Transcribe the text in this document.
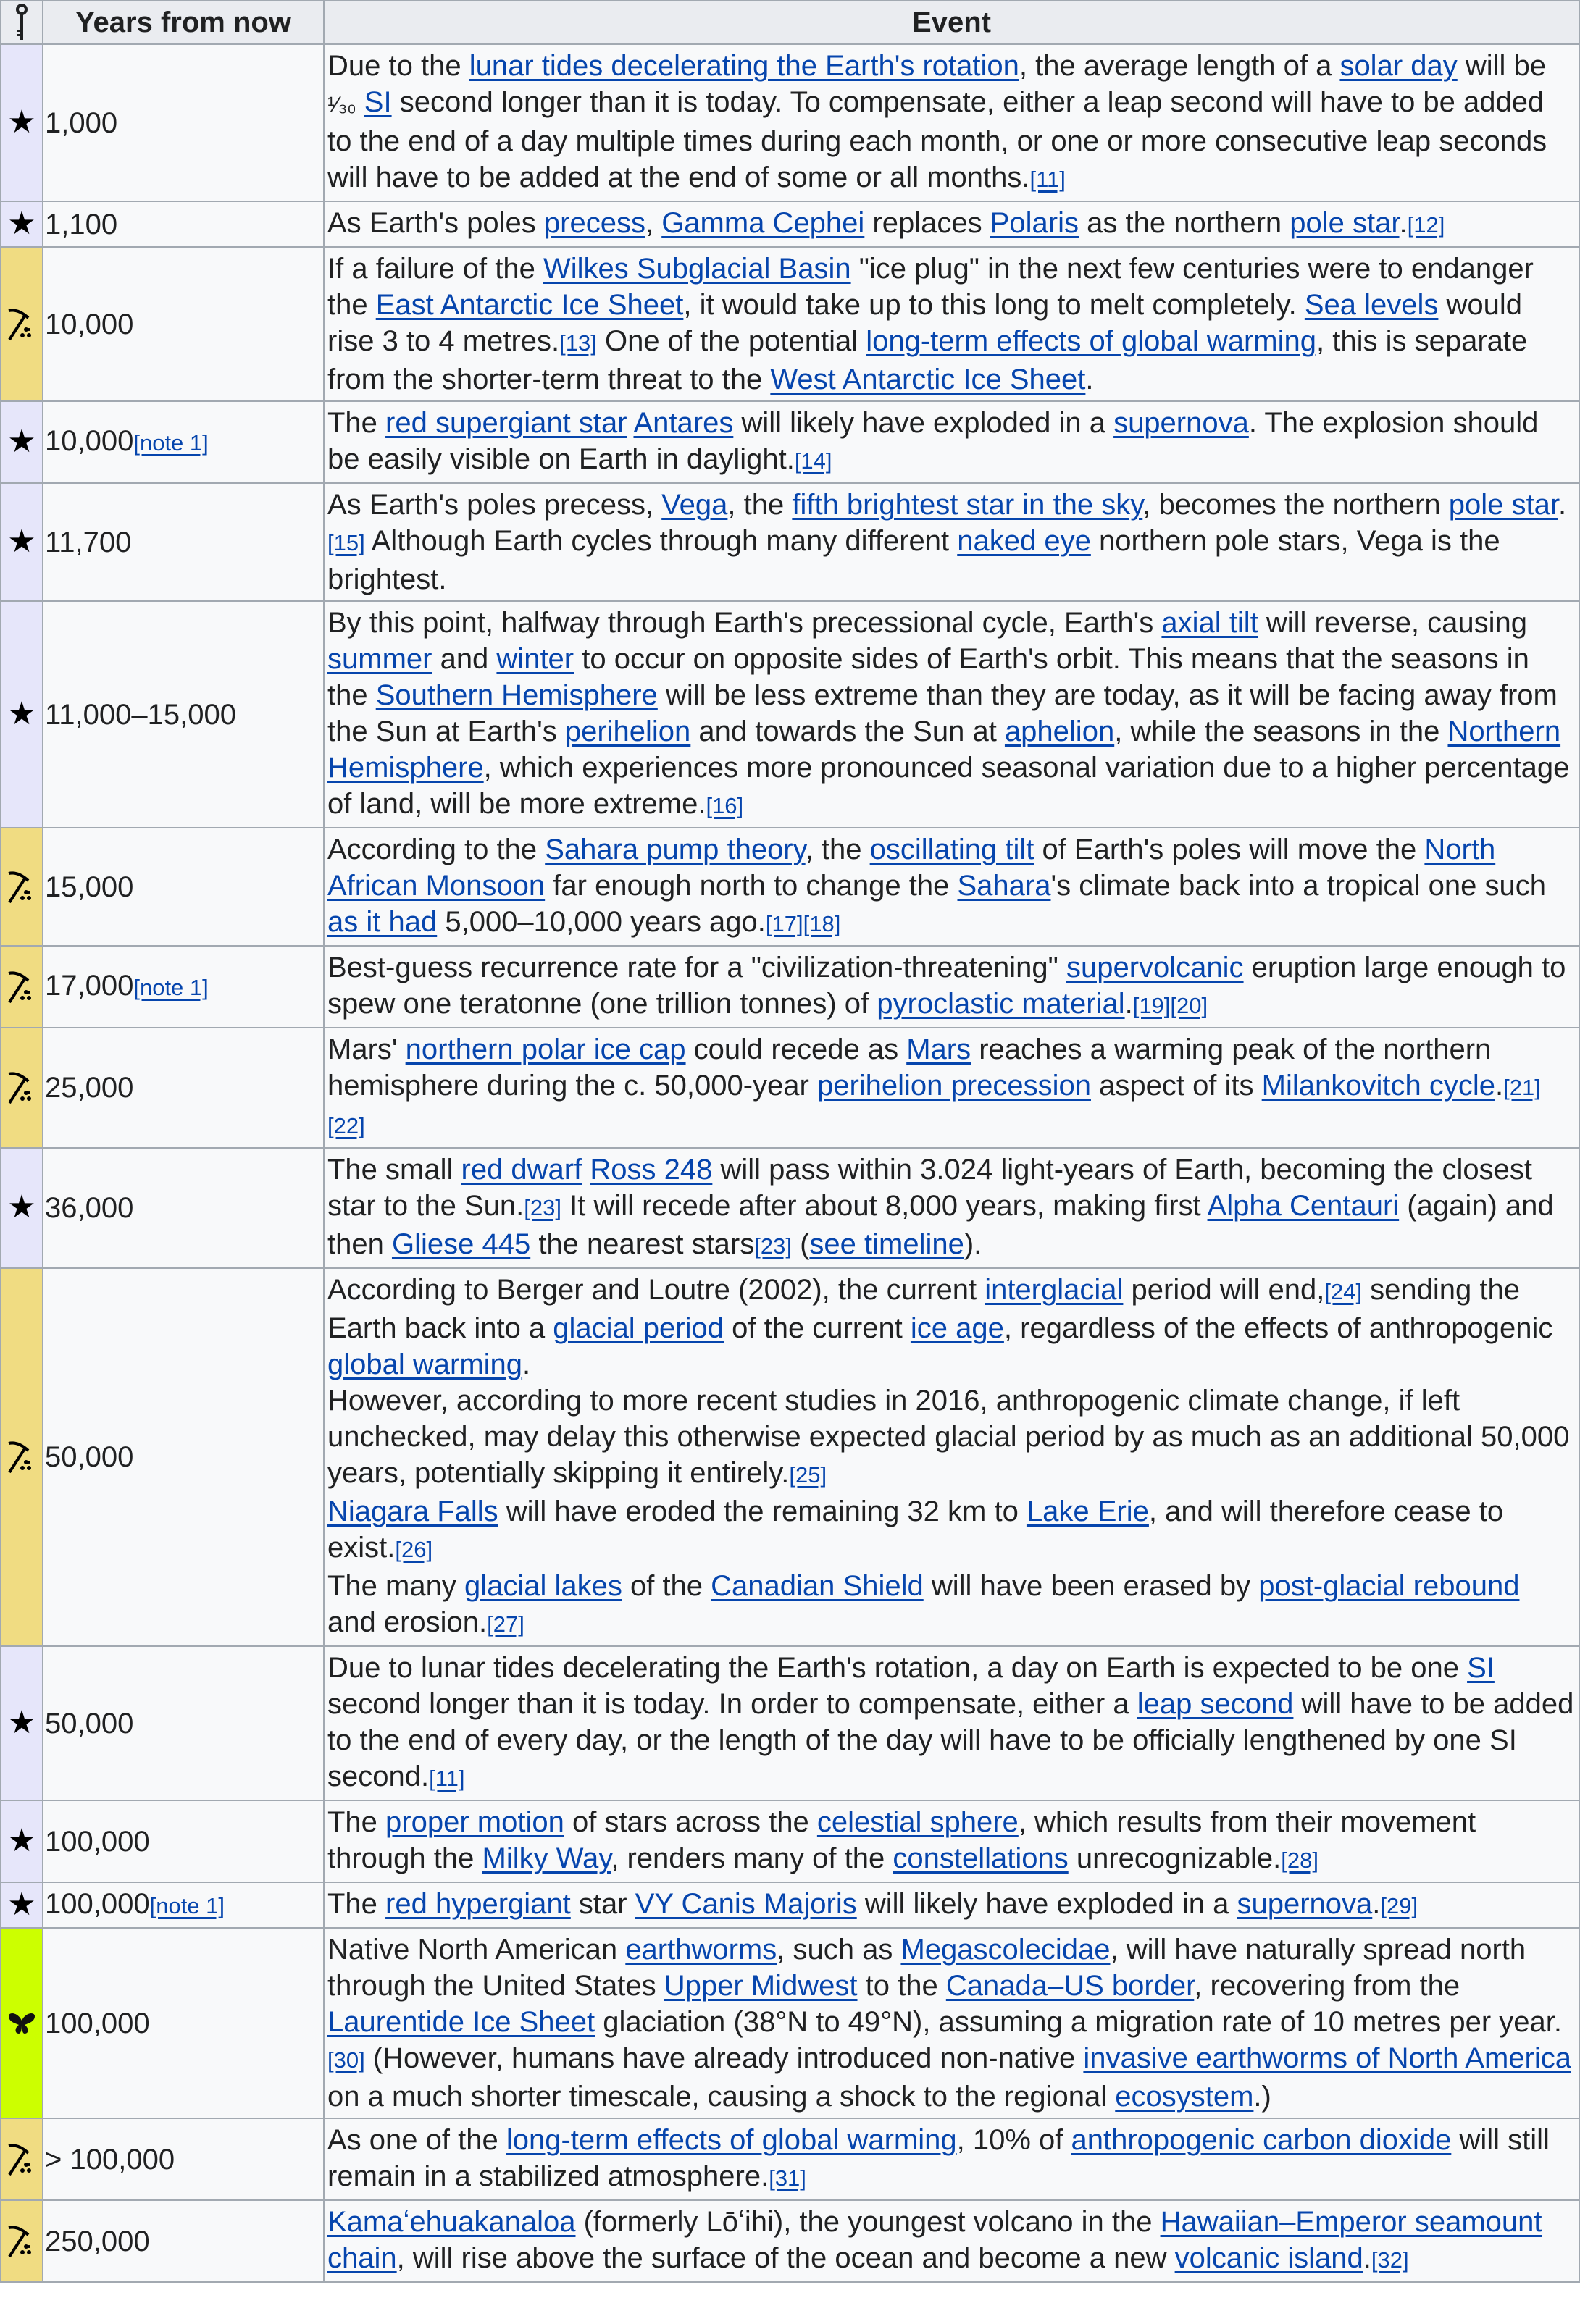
	Years from now	Event
★	1,000	Due to the lunar tides decelerating the Earth's rotation, the average length of a solar day will be ¹⁄₃₀ SI second longer than it is today. To compensate, either a leap second will have to be added to the end of a day multiple times during each month, or one or more consecutive leap seconds will have to be added at the end of some or all months.[11]

★	1,100	As Earth's poles precess, Gamma Cephei replaces Polaris as the northern pole star.[12]

	10,000	If a failure of the Wilkes Subglacial Basin "ice plug" in the next few centuries were to endanger the East Antarctic Ice Sheet, it would take up to this long to melt completely. Sea levels would rise 3 to 4 metres.[13] One of the potential long-term effects of global warming, this is separate from the shorter-term threat to the West Antarctic Ice Sheet.

★	10,000[note 1]	The red supergiant star Antares will likely have exploded in a supernova. The explosion should be easily visible on Earth in daylight.[14]

★	11,700	As Earth's poles precess, Vega, the fifth brightest star in the sky, becomes the northern pole star.[15] Although Earth cycles through many different naked eye northern pole stars, Vega is the brightest.

★	11,000–15,000	By this point, halfway through Earth's precessional cycle, Earth's axial tilt will reverse, causing summer and winter to occur on opposite sides of Earth's orbit. This means that the seasons in the Southern Hemisphere will be less extreme than they are today, as it will be facing away from the Sun at Earth's perihelion and towards the Sun at aphelion, while the seasons in the Northern Hemisphere, which experiences more pronounced seasonal variation due to a higher percentage of land, will be more extreme.[16]

	15,000	According to the Sahara pump theory, the oscillating tilt of Earth's poles will move the North African Monsoon far enough north to change the Sahara's climate back into a tropical one such as it had 5,000–10,000 years ago.[17][18]

	17,000[note 1]	Best-guess recurrence rate for a "civilization-threatening" supervolcanic eruption large enough to spew one teratonne (one trillion tonnes) of pyroclastic material.[19][20]

	25,000	Mars' northern polar ice cap could recede as Mars reaches a warming peak of the northern hemisphere during the c. 50,000-year perihelion precession aspect of its Milankovitch cycle.[21][22]

★	36,000	The small red dwarf Ross 248 will pass within 3.024 light-years of Earth, becoming the closest star to the Sun.[23] It will recede after about 8,000 years, making first Alpha Centauri (again) and then Gliese 445 the nearest stars[23] (see timeline).

	50,000	According to Berger and Loutre (2002), the current interglacial period will end,[24] sending the Earth back into a glacial period of the current ice age, regardless of the effects of anthropogenic global warming.

However, according to more recent studies in 2016, anthropogenic climate change, if left unchecked, may delay this otherwise expected glacial period by as much as an additional 50,000 years, potentially skipping it entirely.[25]

Niagara Falls will have eroded the remaining 32 km to Lake Erie, and will therefore cease to exist.[26]

The many glacial lakes of the Canadian Shield will have been erased by post-glacial rebound and erosion.[27]

★	50,000	Due to lunar tides decelerating the Earth's rotation, a day on Earth is expected to be one SI second longer than it is today. In order to compensate, either a leap second will have to be added to the end of every day, or the length of the day will have to be officially lengthened by one SI second.[11]

★	100,000	The proper motion of stars across the celestial sphere, which results from their movement through the Milky Way, renders many of the constellations unrecognizable.[28]

★	100,000[note 1]	The red hypergiant star VY Canis Majoris will likely have exploded in a supernova.[29]

	100,000	Native North American earthworms, such as Megascolecidae, will have naturally spread north through the United States Upper Midwest to the Canada–US border, recovering from the Laurentide Ice Sheet glaciation (38°N to 49°N), assuming a migration rate of 10 metres per year.[30] (However, humans have already introduced non-native invasive earthworms of North America on a much shorter timescale, causing a shock to the regional ecosystem.)

	> 100,000	As one of the long-term effects of global warming, 10% of anthropogenic carbon dioxide will still remain in a stabilized atmosphere.[31]

	250,000	Kamaʻehuakanaloa (formerly Lōʻihi), the youngest volcano in the Hawaiian–Emperor seamount chain, will rise above the surface of the ocean and become a new volcanic island.[32]
